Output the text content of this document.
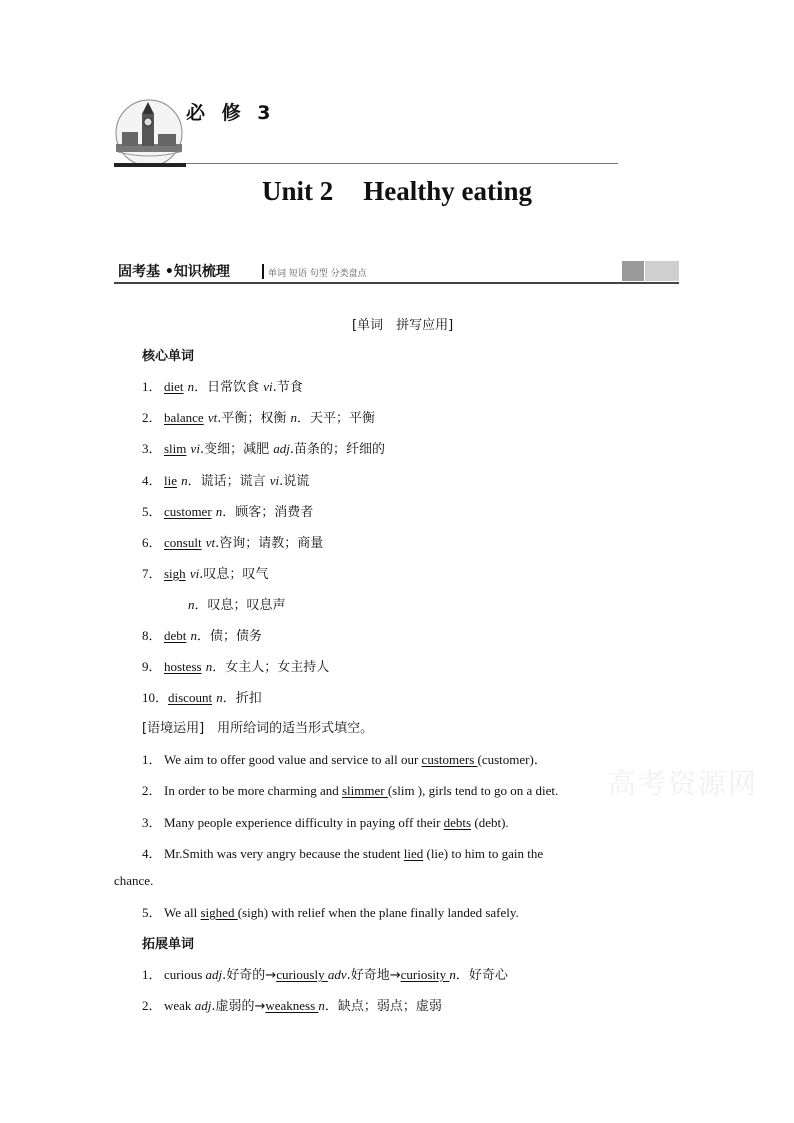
必 修 3
Unit 2 Healthy eating
固考基 •知识梳理	单词 短语 句型 分类盘点
[单词　拼写应用]
核心单词
1． diet n．日常饮食 vi.节食
2． balance vt.平衡；权衡 n．天平；平衡
3． slim vi.变细；减肥 adj.苗条的；纤细的
4． lie n．谎话；谎言 vi.说谎
5． customer n．顾客；消费者
6． consult vt.咨询；请教；商量
7． sigh vi.叹息；叹气
n．叹息；叹息声
8． debt n．债；债务
9． hostess n．女主人；女主持人
10．discount n．折扣
[语境运用]　 用所给词的适当形式填空。
1． We aim to offer good value and service to all our customers (customer)．
2． In order to be more charming and slimmer (slim ), girls tend to go on a diet.
3． Many people experience difficulty in paying off their debts (debt).
4． Mr.Smith was very angry because the student lied (lie) to him to gain the
chance.
5． We all sighed (sigh) with relief when the plane finally landed safely.
拓展单词
1． curious adj.好奇的→curiously adv.好奇地→curiosity n．好奇心
2． weak adj.虚弱的→weakness n．缺点；弱点；虚弱
高考资源网
